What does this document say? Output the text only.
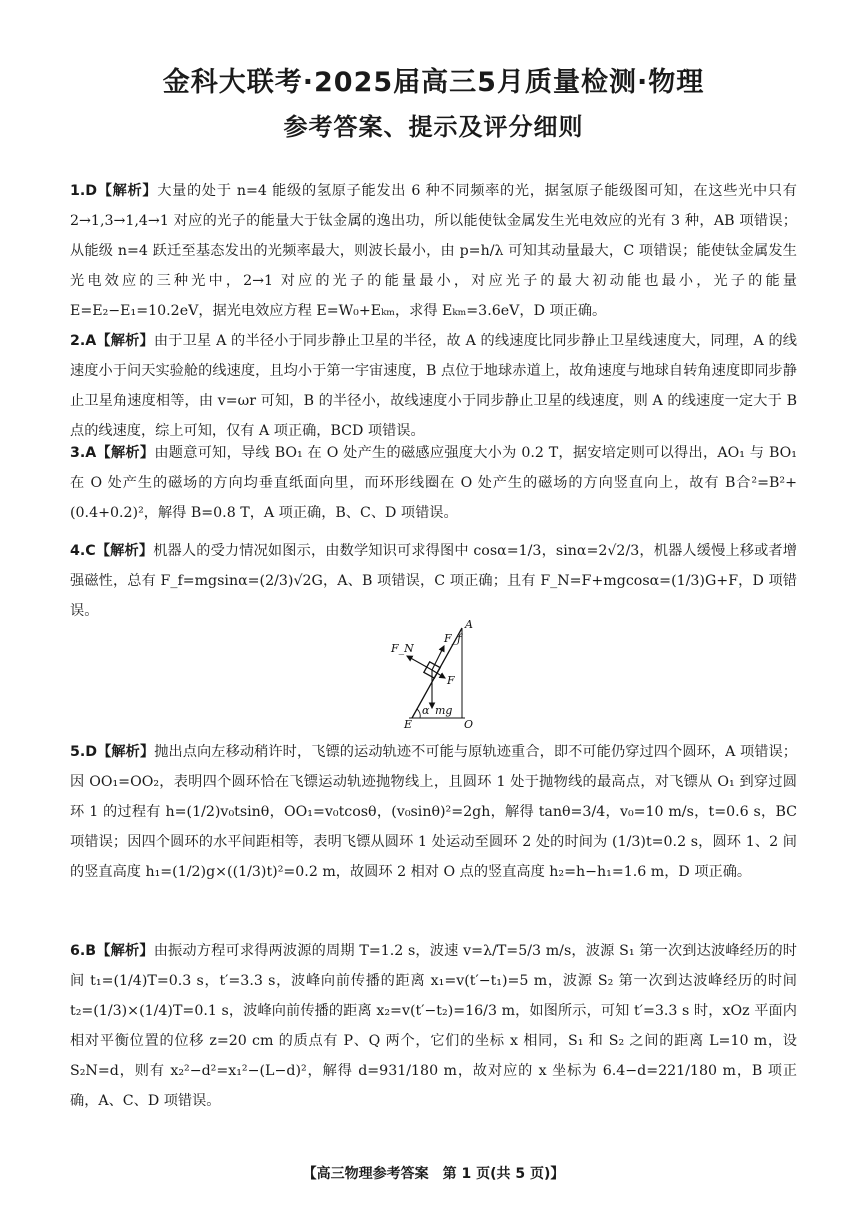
金科大联考·2025届高三5月质量检测·物理
参考答案、提示及评分细则
1.D【解析】大量的处于 n=4 能级的氢原子能发出 6 种不同频率的光，据氢原子能级图可知，在这些光中只有 2→1,3→1,4→1 对应的光子的能量大于钛金属的逸出功，所以能使钛金属发生光电效应的光有 3 种，AB 项错误；从能级 n=4 跃迁至基态发出的光频率最大，则波长最小，由 p=h/λ 可知其动量最大，C 项错误；能使钛金属发生光电效应的三种光中，2→1 对应的光子的能量最小，对应光子的最大初动能也最小，光子的能量 E=E₂−E₁=10.2eV，据光电效应方程 E=W₀+Eₖₘ，求得 Eₖₘ=3.6eV，D 项正确。
2.A【解析】由于卫星 A 的半径小于同步静止卫星的半径，故 A 的线速度比同步静止卫星线速度大，同理，A 的线速度小于问天实验舱的线速度，且均小于第一宇宙速度，B 点位于地球赤道上，故角速度与地球自转角速度即同步静止卫星角速度相等，由 v=ωr 可知，B 的半径小，故线速度小于同步静止卫星的线速度，则 A 的线速度一定大于 B 点的线速度，综上可知，仅有 A 项正确，BCD 项错误。
3.A【解析】由题意可知，导线 BO₁ 在 O 处产生的磁感应强度大小为 0.2 T，据安培定则可以得出，AO₁ 与 BO₁ 在 O 处产生的磁场的方向均垂直纸面向里，而环形线圈在 O 处产生的磁场的方向竖直向上，故有 B合²=B²+(0.4+0.2)²，解得 B=0.8 T，A 项正确，B、C、D 项错误。
4.C【解析】机器人的受力情况如图示，由数学知识可求得图中 cosα=1/3，sinα=2√2/3，机器人缓慢上移或者增强磁性，总有 F_f=mgsinα=(2/3)√2G，A、B 项错误，C 项正确；且有 F_N=F+mgcosα=(1/3)G+F，D 项错误。
A
F_f
F_N
F
α mg
E	O
5.D【解析】抛出点向左移动稍许时，飞镖的运动轨迹不可能与原轨迹重合，即不可能仍穿过四个圆环，A 项错误；因 OO₁=OO₂，表明四个圆环恰在飞镖运动轨迹抛物线上，且圆环 1 处于抛物线的最高点，对飞镖从 O₁ 到穿过圆环 1 的过程有 h=(1/2)v₀tsinθ，OO₁=v₀tcosθ，(v₀sinθ)²=2gh，解得 tanθ=3/4，v₀=10 m/s，t=0.6 s，BC 项错误；因四个圆环的水平间距相等，表明飞镖从圆环 1 处运动至圆环 2 处的时间为 (1/3)t=0.2 s，圆环 1、2 间的竖直高度 h₁=(1/2)g×((1/3)t)²=0.2 m，故圆环 2 相对 O 点的竖直高度 h₂=h−h₁=1.6 m，D 项正确。
6.B【解析】由振动方程可求得两波源的周期 T=1.2 s，波速 v=λ/T=5/3 m/s，波源 S₁ 第一次到达波峰经历的时间 t₁=(1/4)T=0.3 s，t′=3.3 s，波峰向前传播的距离 x₁=v(t′−t₁)=5 m，波源 S₂ 第一次到达波峰经历的时间 t₂=(1/3)×(1/4)T=0.1 s，波峰向前传播的距离 x₂=v(t′−t₂)=16/3 m，如图所示，可知 t′=3.3 s 时，xOz 平面内相对平衡位置的位移 z=20 cm 的质点有 P、Q 两个，它们的坐标 x 相同，S₁ 和 S₂ 之间的距离 L=10 m，设 S₂N=d，则有 x₂²−d²=x₁²−(L−d)²，解得 d=931/180 m，故对应的 x 坐标为 6.4−d=221/180 m，B 项正确，A、C、D 项错误。
【高三物理参考答案　第 1 页(共 5 页)】
